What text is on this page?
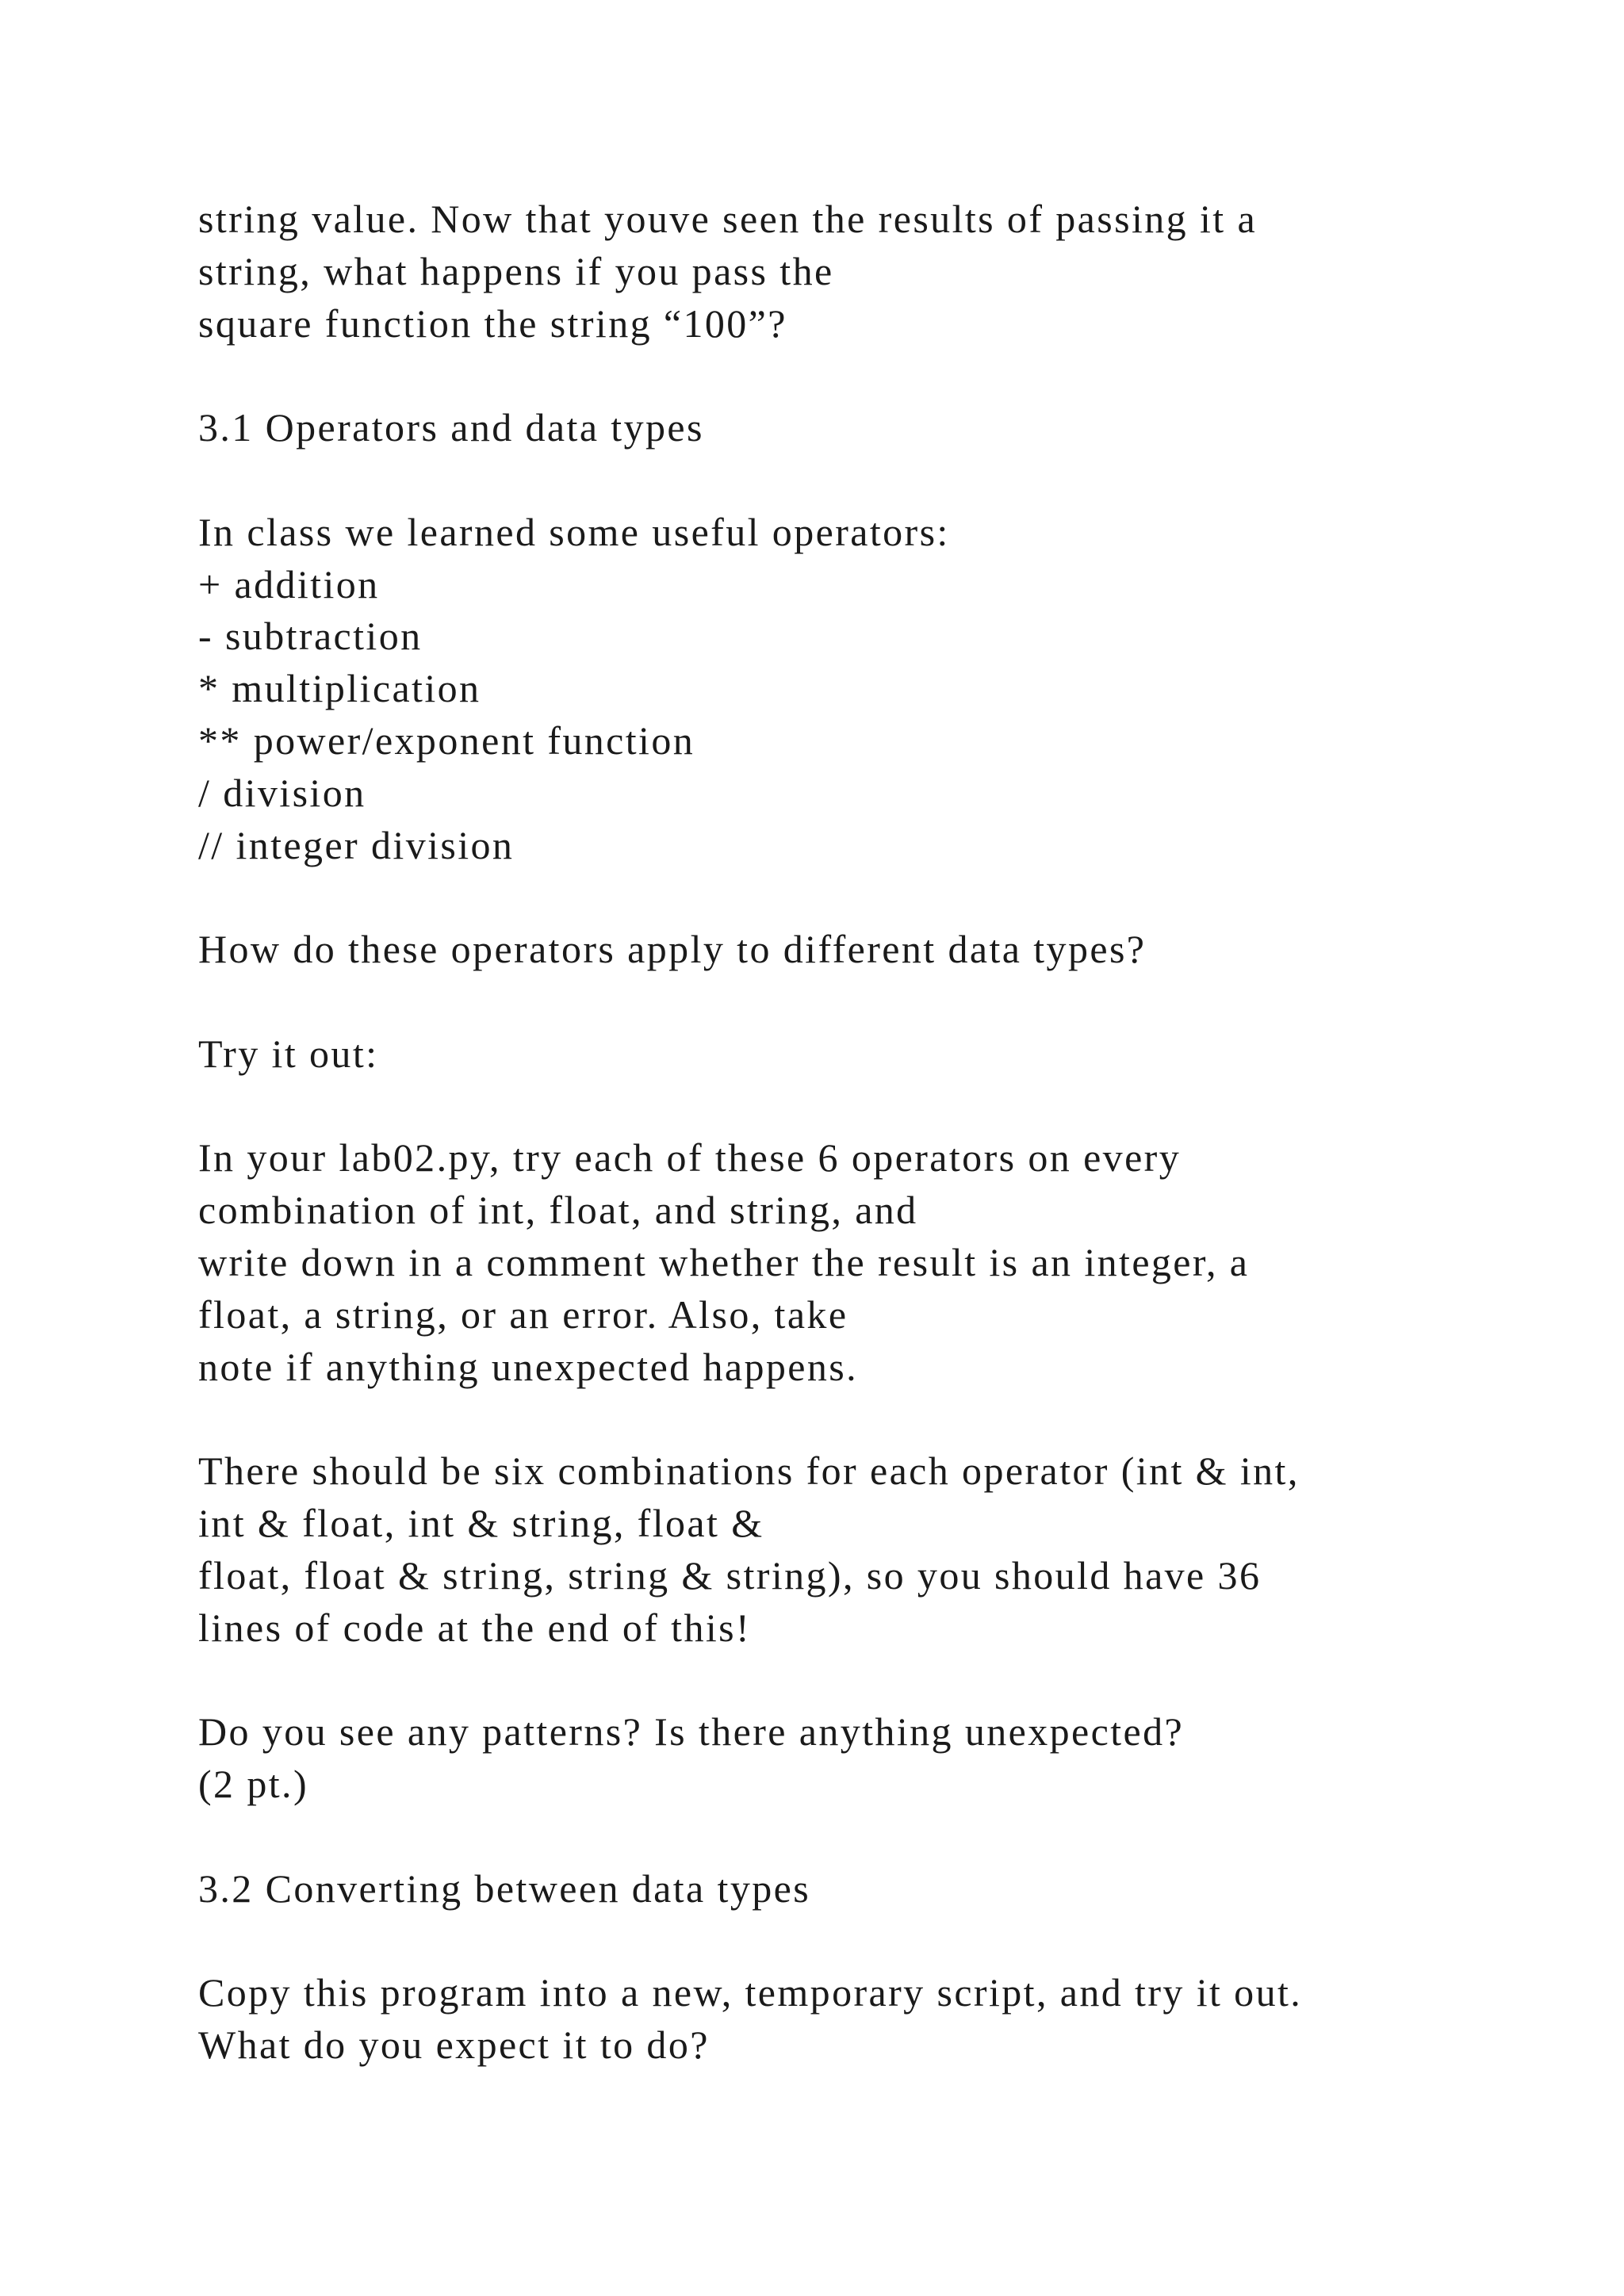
string value. Now that youve seen the results of passing it a
string, what happens if you pass the
square function the string “100”?
3.1 Operators and data types
In class we learned some useful operators:
+ addition
- subtraction
* multiplication
** power/exponent function
/ division
// integer division
How do these operators apply to different data types?
Try it out:
In your lab02.py, try each of these 6 operators on every
combination of int, float, and string, and
write down in a comment whether the result is an integer, a
float, a string, or an error. Also, take
note if anything unexpected happens.
There should be six combinations for each operator (int & int,
int & float, int & string, float &
float, float & string, string & string), so you should have 36
lines of code at the end of this!
Do you see any patterns? Is there anything unexpected?
(2 pt.)
3.2 Converting between data types
Copy this program into a new, temporary script, and try it out.
What do you expect it to do?
